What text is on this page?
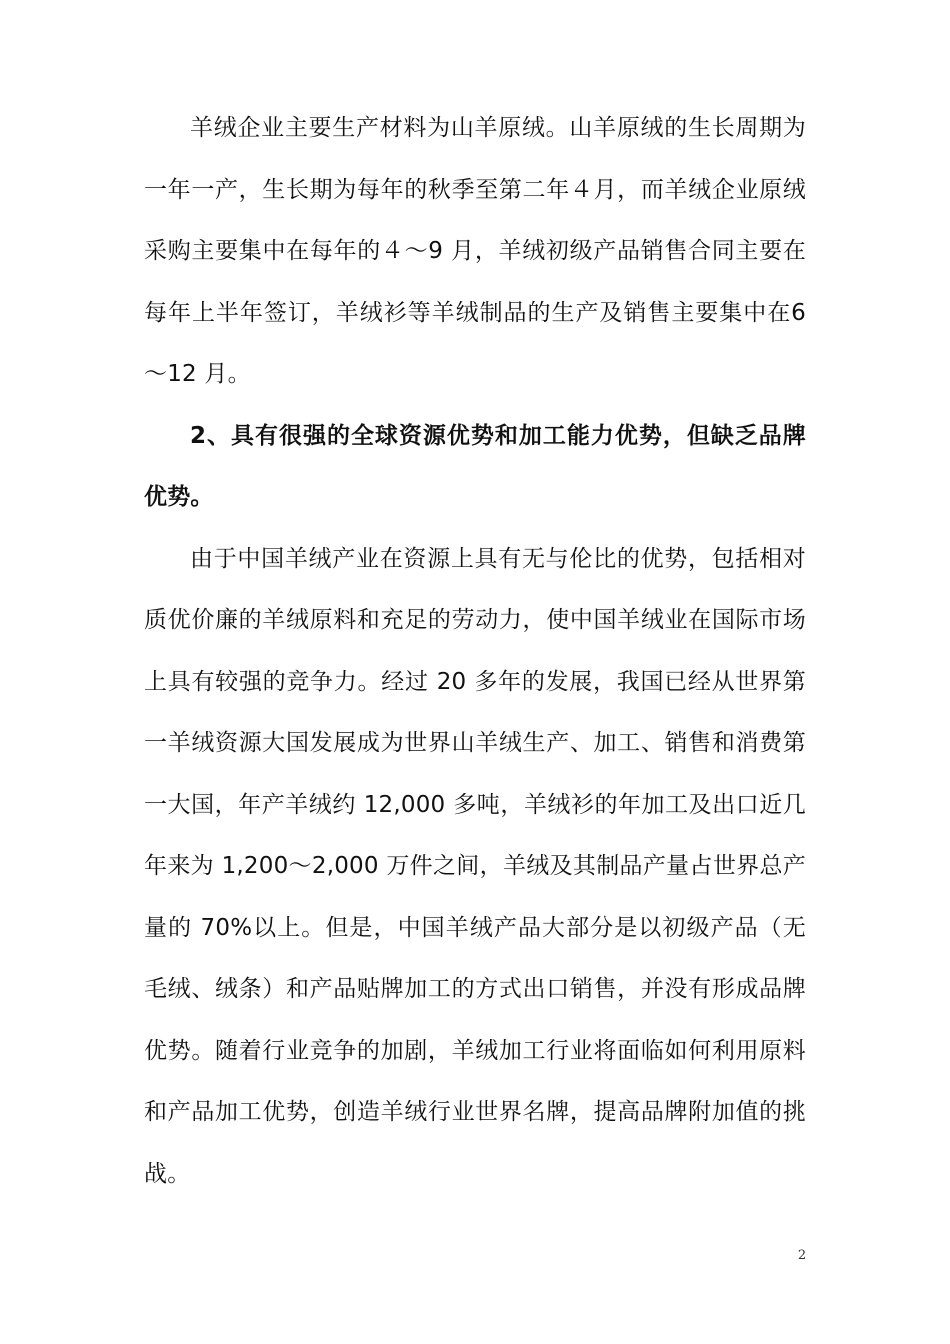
羊绒企业主要生产材料为山羊原绒。山羊原绒的生长周期为一年一产，生长期为每年的秋季至第二年４月，而羊绒企业原绒采购主要集中在每年的４～9 月，羊绒初级产品销售合同主要在每年上半年签订，羊绒衫等羊绒制品的生产及销售主要集中在6～12 月。

2、具有很强的全球资源优势和加工能力优势，但缺乏品牌优势。

由于中国羊绒产业在资源上具有无与伦比的优势，包括相对质优价廉的羊绒原料和充足的劳动力，使中国羊绒业在国际市场上具有较强的竞争力。经过 20 多年的发展，我国已经从世界第一羊绒资源大国发展成为世界山羊绒生产、加工、销售和消费第一大国，年产羊绒约 12,000 多吨，羊绒衫的年加工及出口近几年来为 1,200～2,000 万件之间，羊绒及其制品产量占世界总产量的 70%以上。但是，中国羊绒产品大部分是以初级产品（无毛绒、绒条）和产品贴牌加工的方式出口销售，并没有形成品牌优势。随着行业竞争的加剧，羊绒加工行业将面临如何利用原料和产品加工优势，创造羊绒行业世界名牌，提高品牌附加值的挑战。

2
